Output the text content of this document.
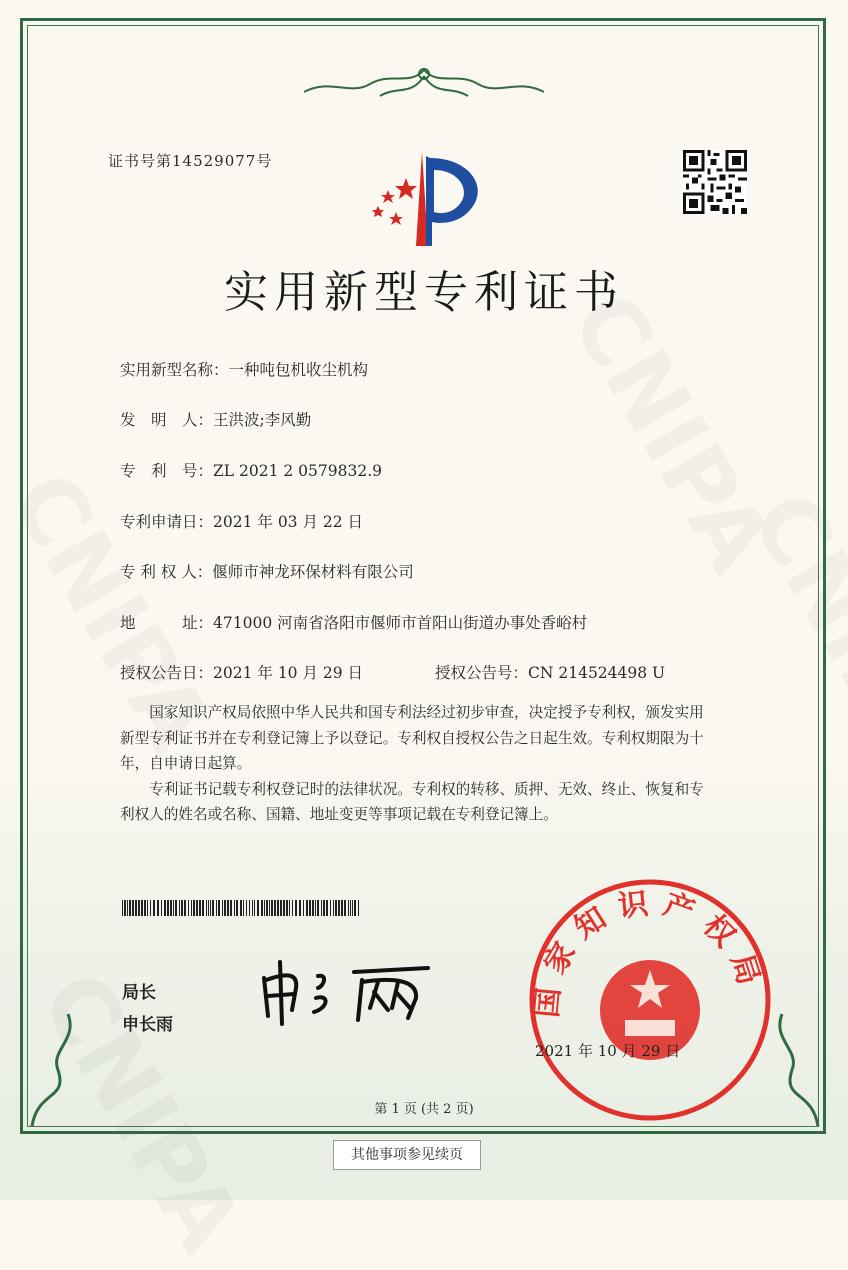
证书号第14529077号
实用新型专利证书
实用新型名称：一种吨包机收尘机构
发　明　人：王洪波;李风勤
专　利　号：ZL 2021 2 0579832.9
专利申请日：2021 年 03 月 22 日
专 利 权 人：偃师市神龙环保材料有限公司
地　　　址：471000 河南省洛阳市偃师市首阳山街道办事处香峪村
授权公告日：2021 年 10 月 29 日	授权公告号：CN 214524498 U
　　国家知识产权局依照中华人民共和国专利法经过初步审查，决定授予专利权，颁发实用
新型专利证书并在专利登记簿上予以登记。专利权自授权公告之日起生效。专利权期限为十
年，自申请日起算。
　　专利证书记载专利权登记时的法律状况。专利权的转移、质押、无效、终止、恢复和专
利权人的姓名或名称、国籍、地址变更等事项记载在专利登记簿上。
局长
申长雨
国家知识产权局
2021 年 10 月 29 日
第 1 页 (共 2 页)
其他事项参见续页
